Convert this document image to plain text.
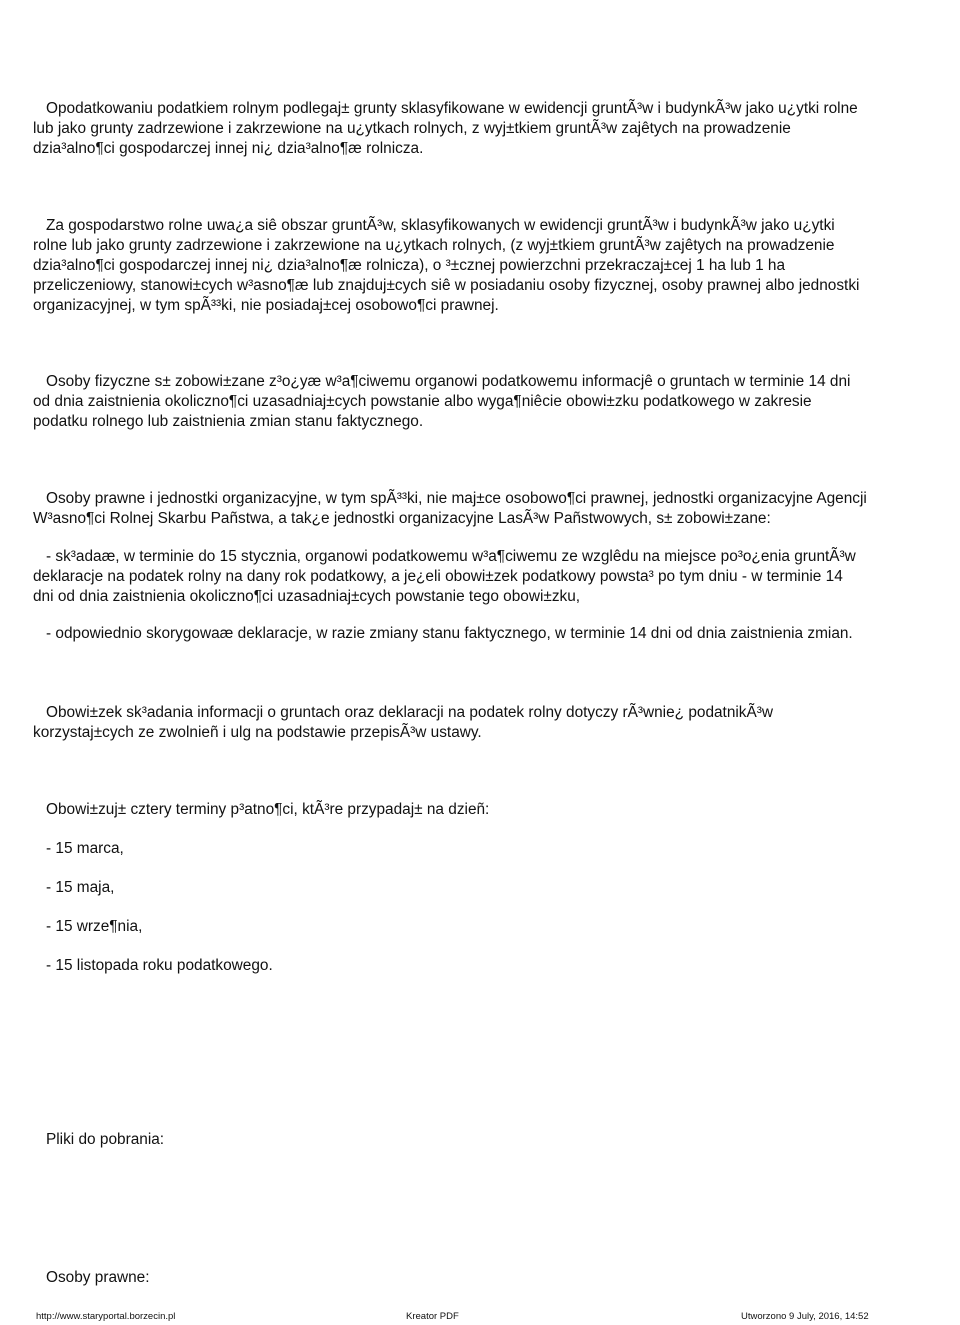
Opodatkowaniu podatkiem rolnym podlegaj± grunty sklasyfikowane w ewidencji gruntÃ³w i budynkÃ³w jako u¿ytki rolne
lub jako grunty zadrzewione i zakrzewione na u¿ytkach rolnych, z wyj±tkiem gruntÃ³w zajêtych na prowadzenie
dzia³alno¶ci gospodarczej innej ni¿ dzia³alno¶æ rolnicza.
Za gospodarstwo rolne uwa¿a siê obszar gruntÃ³w, sklasyfikowanych w ewidencji gruntÃ³w i budynkÃ³w jako u¿ytki
rolne lub jako grunty zadrzewione i zakrzewione na u¿ytkach rolnych, (z wyj±tkiem gruntÃ³w zajêtych na prowadzenie
dzia³alno¶ci gospodarczej innej ni¿ dzia³alno¶æ rolnicza), o ³±cznej powierzchni przekraczaj±cej 1 ha lub 1 ha
przeliczeniowy, stanowi±cych w³asno¶æ lub znajduj±cych siê w posiadaniu osoby fizycznej, osoby prawnej albo jednostki
organizacyjnej, w tym spÃ³³ki, nie posiadaj±cej osobowo¶ci prawnej.
Osoby fizyczne s± zobowi±zane z³o¿yæ w³a¶ciwemu organowi podatkowemu informacjê o gruntach w terminie 14 dni
od dnia zaistnienia okoliczno¶ci uzasadniaj±cych powstanie albo wyga¶niêcie obowi±zku podatkowego w zakresie
podatku rolnego lub zaistnienia zmian stanu faktycznego.
Osoby prawne i jednostki organizacyjne, w tym spÃ³³ki, nie maj±ce osobowo¶ci prawnej, jednostki organizacyjne Agencji
W³asno¶ci Rolnej Skarbu Pañstwa, a tak¿e jednostki organizacyjne LasÃ³w Pañstwowych, s± zobowi±zane:
- sk³adaæ, w terminie do 15 stycznia, organowi podatkowemu w³a¶ciwemu ze wzglêdu na miejsce po³o¿enia gruntÃ³w
deklaracje na podatek rolny na dany rok podatkowy, a je¿eli obowi±zek podatkowy powsta³ po tym dniu - w terminie 14
dni od dnia zaistnienia okoliczno¶ci uzasadniaj±cych powstanie tego obowi±zku,
- odpowiednio skorygowaæ deklaracje, w razie zmiany stanu faktycznego, w terminie 14 dni od dnia zaistnienia zmian.
Obowi±zek sk³adania informacji o gruntach oraz deklaracji na podatek rolny dotyczy rÃ³wnie¿ podatnikÃ³w
korzystaj±cych ze zwolnieñ i ulg na podstawie przepisÃ³w ustawy.
Obowi±zuj± cztery terminy p³atno¶ci, ktÃ³re przypadaj± na dzieñ:
- 15 marca,
- 15 maja,
- 15 wrze¶nia,
- 15 listopada roku podatkowego.
Pliki do pobrania:
Osoby prawne:
http://www.staryportal.borzecin.pl	Kreator PDF	Utworzono 9 July, 2016, 14:52
